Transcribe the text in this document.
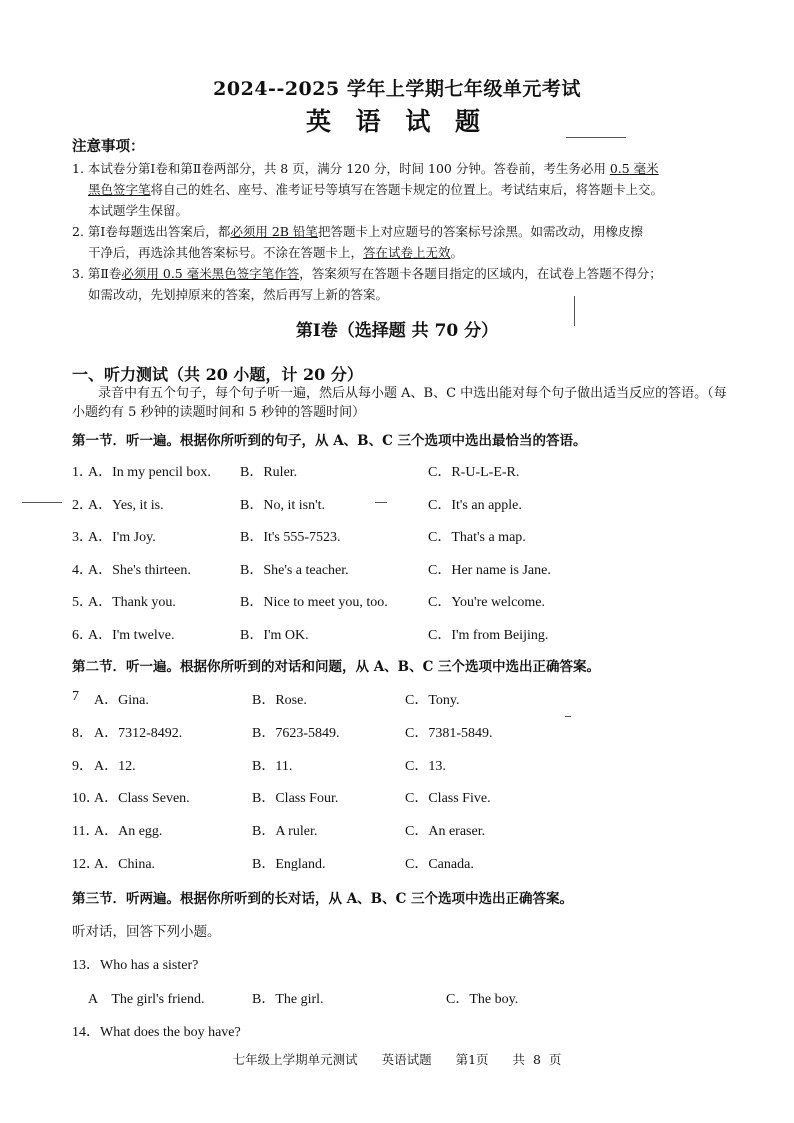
2024--2025 学年上学期七年级单元考试
英 语 试 题
注意事项：
1. 本试卷分第Ⅰ卷和第Ⅱ卷两部分，共 8 页，满分 120 分，时间 100 分钟。答卷前，考生务必用 0.5 毫米
黑色签字笔将自己的姓名、座号、准考证号等填写在答题卡规定的位置上。考试结束后，将答题卡上交。
本试题学生保留。
2. 第Ⅰ卷每题选出答案后，都必须用 2B 铅笔把答题卡上对应题号的答案标号涂黑。如需改动，用橡皮擦
干净后，再选涂其他答案标号。不涂在答题卡上，答在试卷上无效。
3. 第Ⅱ卷必须用 0.5 毫米黑色签字笔作答，答案须写在答题卡各题目指定的区域内，在试卷上答题不得分；
如需改动，先划掉原来的答案，然后再写上新的答案。
第Ⅰ卷（选择题 共 70 分）
一、听力测试（共 20 小题，计 20 分）
录音中有五个句子，每个句子听一遍，然后从每小题 A、B、C 中选出能对每个句子做出适当反应的答语。（每小题约有 5 秒钟的读题时间和 5 秒钟的答题时间）
第一节．听一遍。根据你所听到的句子，从 A、B、C 三个选项中选出最恰当的答语。
1．
A．In my pencil box. B．Ruler.	C．R-U-L-E-R.
2．
A．Yes, it is.	B．No, it isn't.	C．It's an apple.
3．
A．I'm Joy.	B．It's 555-7523.	C．That's a map.
4．
A．She's thirteen.	B．She's a teacher.	C．Her name is Jane.
5．
A．Thank you.	B．Nice to meet you, too.	C．You're welcome.
6．
A．I'm twelve.	B．I'm OK.	C．I'm from Beijing.
第二节．听一遍。根据你所听到的对话和问题，从 A、B、C 三个选项中选出正确答案。
7 A．Gina.	B．Rose.	C．Tony.
8． A．7312-8492.	B．7623-5849.	C．7381-5849.
9． A．12.	B．11.	C．13.
10．
A．Class Seven.	B．Class Four.	C．Class Five.
11．
A．An egg.	B．A ruler.	C．An eraser.
12．
A．China.	B．England.	C．Canada.
第三节．听两遍。根据你所听到的长对话，从 A、B、C 三个选项中选出正确答案。
听对话，回答下列小题。
13．Who has a sister?
A　The girl's friend.	B．The girl.	C．The boy.
14．What does the boy have?
七年级上学期单元测试 英语试题 第1页 共 8 页
